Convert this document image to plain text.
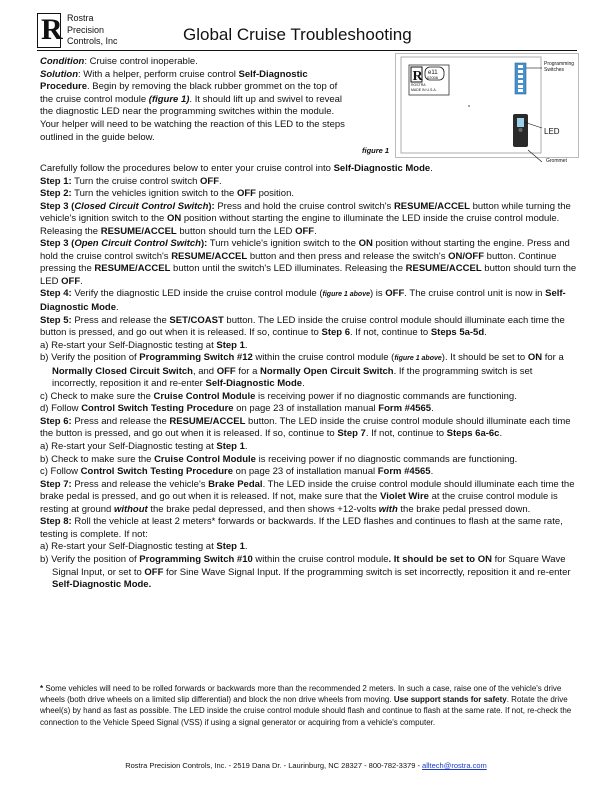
R Rostra
Precision
Controls, Inc	Global Cruise Troubleshooting
Condition: Cruise control inoperable.
Solution: With a helper, perform cruise control Self-Diagnostic Procedure. Begin by removing the black rubber grommet on the top of the cruise control module (figure 1). It should lift up and swivel to reveal the diagnostic LED near the programming switches within the module. Your helper will need to be watching the reaction of this LED to the steps outlined in the guide below.
R e11
02006
ROSTRA
MADE IN U.S.A.
Programming
Switches
LED
Grommet
figure 1

Carefully follow the procedures below to enter your cruise control into Self-Diagnostic Mode.

Step 1: Turn the cruise control switch OFF.

Step 2: Turn the vehicles ignition switch to the OFF position.

Step 3 (Closed Circuit Control Switch): Press and hold the cruise control switch's RESUME/ACCEL button while turning the vehicle's ignition switch to the ON position without starting the engine to illuminate the LED inside the cruise control module. Releasing the RESUME/ACCEL button should turn the LED OFF.

Step 3 (Open Circuit Control Switch): Turn vehicle's ignition switch to the ON position without starting the engine. Press and hold the cruise control switch's RESUME/ACCEL button and then press and release the switch's ON/OFF button. Continue pressing the RESUME/ACCEL button until the switch's LED illuminates. Releasing the RESUME/ACCEL button should turn the LED OFF.

Step 4: Verify the diagnostic LED inside the cruise control module (figure 1 above) is OFF. The cruise control unit is now in Self-Diagnostic Mode.

Step 5: Press and release the SET/COAST button. The LED inside the cruise control module should illuminate each time the button is pressed, and go out when it is released. If so, continue to Step 6. If not, continue to Steps 5a-5d.

a) Re-start your Self-Diagnostic testing at Step 1.

b) Verify the position of Programming Switch #12 within the cruise control module (figure 1 above). It should be set to ON for a Normally Closed Circuit Switch, and OFF for a Normally Open Circuit Switch. If the programming switch is set incorrectly, reposition it and re-enter Self-Diagnostic Mode.

c) Check to make sure the Cruise Control Module is receiving power if no diagnostic commands are functioning.

d) Follow Control Switch Testing Procedure on page 23 of installation manual Form #4565.

Step 6: Press and release the RESUME/ACCEL button. The LED inside the cruise control module should illuminate each time the button is pressed, and go out when it is released. If so, continue to Step 7. If not, continue to Steps 6a-6c.

a) Re-start your Self-Diagnostic testing at Step 1.

b) Check to make sure the Cruise Control Module is receiving power if no diagnostic commands are functioning.

c) Follow Control Switch Testing Procedure on page 23 of installation manual Form #4565.

Step 7: Press and release the vehicle's Brake Pedal. The LED inside the cruise control module should illuminate each time the brake pedal is pressed, and go out when it is released. If not, make sure that the Violet Wire at the cruise control module is resting at ground without the brake pedal depressed, and then shows +12-volts with the brake pedal pressed down.

Step 8: Roll the vehicle at least 2 meters* forwards or backwards. If the LED flashes and continues to flash at the same rate, testing is complete. If not:

a) Re-start your Self-Diagnostic testing at Step 1.

b) Verify the position of Programming Switch #10 within the cruise control module. It should be set to ON for Square Wave Signal Input, or set to OFF for Sine Wave Signal Input. If the programming switch is set incorrectly, reposition it and re-enter Self-Diagnostic Mode.

* Some vehicles will need to be rolled forwards or backwards more than the recommended 2 meters. In such a case, raise one of the vehicle's drive wheels (both drive wheels on a limited slip differential) and block the non drive wheels from moving. Use support stands for safety. Rotate the drive wheel(s) by hand as fast as possible. The LED inside the cruise control module should flash and continue to flash at the same rate. If not, re-check the connection to the Vehicle Speed Signal (VSS) if using a signal generator or acquiring from a vehicle's computer.
Rostra Precision Controls, Inc. - 2519 Dana Dr. - Laurinburg, NC 28327 - 800-782-3379 - alltech@rostra.com
